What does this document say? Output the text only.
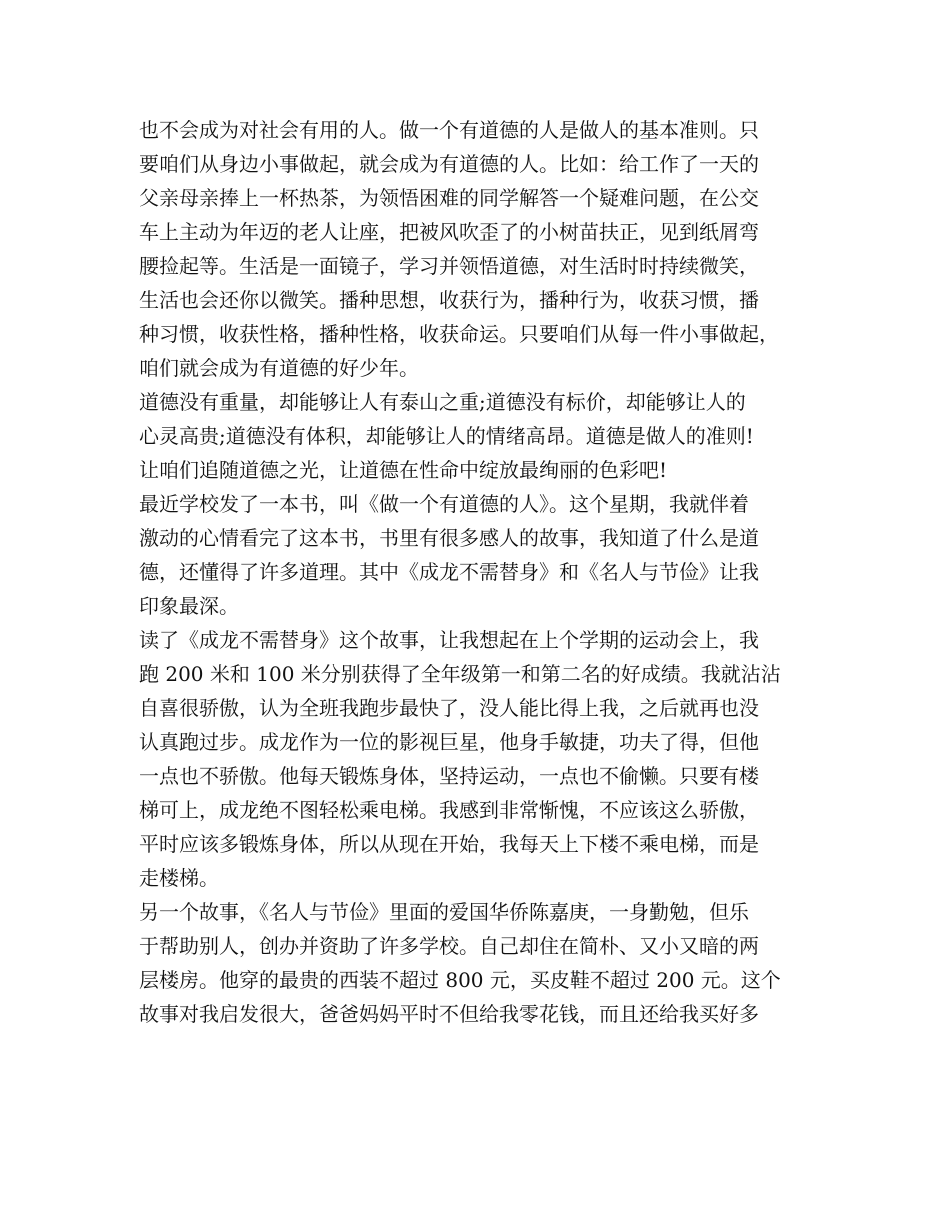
也不会成为对社会有用的人。做一个有道德的人是做人的基本准则。只
要咱们从身边小事做起，就会成为有道德的人。比如：给工作了一天的
父亲母亲捧上一杯热茶，为领悟困难的同学解答一个疑难问题，在公交
车上主动为年迈的老人让座，把被风吹歪了的小树苗扶正，见到纸屑弯
腰捡起等。生活是一面镜子，学习并领悟道德，对生活时时持续微笑，
生活也会还你以微笑。播种思想，收获行为，播种行为，收获习惯，播
种习惯，收获性格，播种性格，收获命运。只要咱们从每一件小事做起，
咱们就会成为有道德的好少年。
道德没有重量，却能够让人有泰山之重;道德没有标价，却能够让人的
心灵高贵;道德没有体积，却能够让人的情绪高昂。道德是做人的准则!
让咱们追随道德之光，让道德在性命中绽放最绚丽的色彩吧!
最近学校发了一本书，叫《做一个有道德的人》。这个星期，我就伴着
激动的心情看完了这本书，书里有很多感人的故事，我知道了什么是道
德，还懂得了许多道理。其中《成龙不需替身》和《名人与节俭》让我
印象最深。
读了《成龙不需替身》这个故事，让我想起在上个学期的运动会上，我
跑 200 米和 100 米分别获得了全年级第一和第二名的好成绩。我就沾沾
自喜很骄傲，认为全班我跑步最快了，没人能比得上我，之后就再也没
认真跑过步。成龙作为一位的影视巨星，他身手敏捷，功夫了得，但他
一点也不骄傲。他每天锻炼身体，坚持运动，一点也不偷懒。只要有楼
梯可上，成龙绝不图轻松乘电梯。我感到非常惭愧，不应该这么骄傲，
平时应该多锻炼身体，所以从现在开始，我每天上下楼不乘电梯，而是
走楼梯。
另一个故事，《名人与节俭》里面的爱国华侨陈嘉庚，一身勤勉，但乐
于帮助别人，创办并资助了许多学校。自己却住在简朴、又小又暗的两
层楼房。他穿的最贵的西装不超过 800 元，买皮鞋不超过 200 元。这个
故事对我启发很大，爸爸妈妈平时不但给我零花钱，而且还给我买好多
